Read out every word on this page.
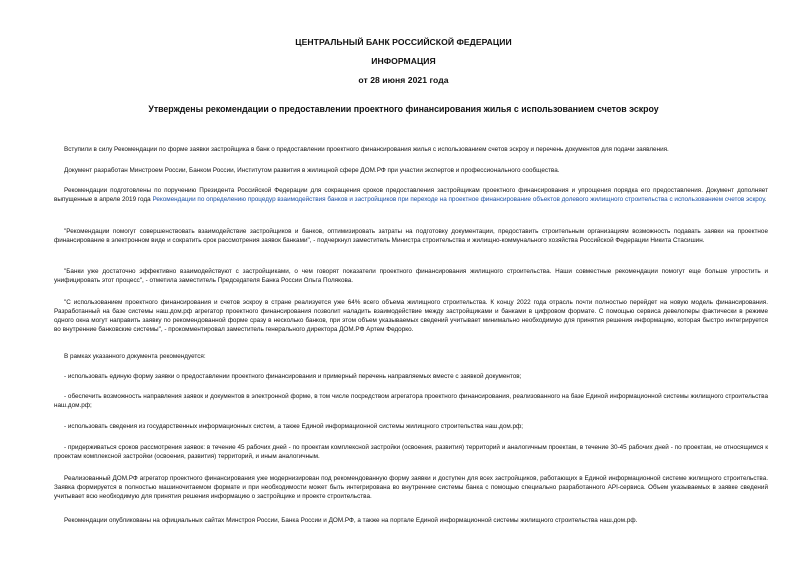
ЦЕНТРАЛЬНЫЙ БАНК РОССИЙСКОЙ ФЕДЕРАЦИИ
ИНФОРМАЦИЯ
от 28 июня 2021 года
Утверждены рекомендации о предоставлении проектного финансирования жилья с использованием счетов эскроу

Вступили в силу Рекомендации по форме заявки застройщика в банк о предоставлении проектного финансирования жилья с использованием счетов эскроу и перечень документов для подачи заявления.

Документ разработан Минстроем России, Банком России, Институтом развития в жилищной сфере ДОМ.РФ при участии экспертов и профессионального сообщества.

Рекомендации подготовлены по поручению Президента Российской Федерации для сокращения сроков предоставления застройщикам проектного финансирования и упрощения порядка его предоставления. Документ дополняет выпущенные в апреле 2019 года Рекомендации по определению процедур взаимодействия банков и застройщиков при переходе на проектное финансирование объектов долевого жилищного строительства с использованием счетов эскроу.

"Рекомендации помогут совершенствовать взаимодействие застройщиков и банков, оптимизировать затраты на подготовку документации, предоставить строительным организациям возможность подавать заявки на проектное финансирование в электронном виде и сократить срок рассмотрения заявок банками", - подчеркнул заместитель Министра строительства и жилищно-коммунального хозяйства Российской Федерации Никита Стасишин.

"Банки уже достаточно эффективно взаимодействуют с застройщиками, о чем говорят показатели проектного финансирования жилищного строительства. Наши совместные рекомендации помогут еще больше упростить и унифицировать этот процесс", - отметила заместитель Председателя Банка России Ольга Полякова.

"С использованием проектного финансирования и счетов эскроу в стране реализуется уже 64% всего объема жилищного строительства. К концу 2022 года отрасль почти полностью перейдет на новую модель финансирования. Разработанный на базе системы наш.дом.рф агрегатор проектного финансирования позволит наладить взаимодействие между застройщиками и банками в цифровом формате. С помощью сервиса девелоперы фактически в режиме одного окна могут направить заявку по рекомендованной форме сразу в несколько банков, при этом объем указываемых сведений учитывает минимально необходимую для принятия решения информацию, которая быстро интегрируется во внутренние банковские системы", - прокомментировал заместитель генерального директора ДОМ.РФ Артем Федорко.

В рамках указанного документа рекомендуется:

- использовать единую форму заявки о предоставлении проектного финансирования и примерный перечень направляемых вместе с заявкой документов;

- обеспечить возможность направления заявок и документов в электронной форме, в том числе посредством агрегатора проектного финансирования, реализованного на базе Единой информационной системы жилищного строительства наш.дом.рф;

- использовать сведения из государственных информационных систем, а также Единой информационной системы жилищного строительства наш.дом.рф;

- придерживаться сроков рассмотрения заявок: в течение 45 рабочих дней - по проектам комплексной застройки (освоения, развития) территорий и аналогичным проектам, в течение 30-45 рабочих дней - по проектам, не относящимся к проектам комплексной застройки (освоения, развития) территорий, и иным аналогичным.

Реализованный ДОМ.РФ агрегатор проектного финансирования уже модернизирован под рекомендованную форму заявки и доступен для всех застройщиков, работающих в Единой информационной системе жилищного строительства. Заявка формируется в полностью машиночитаемом формате и при необходимости может быть интегрирована во внутренние системы банка с помощью специально разработанного API-сервиса. Объем указываемых в заявке сведений учитывает всю необходимую для принятия решения информацию о застройщике и проекте строительства.

Рекомендации опубликованы на официальных сайтах Минстроя России, Банка России и ДОМ.РФ, а также на портале Единой информационной системы жилищного строительства наш.дом.рф.
